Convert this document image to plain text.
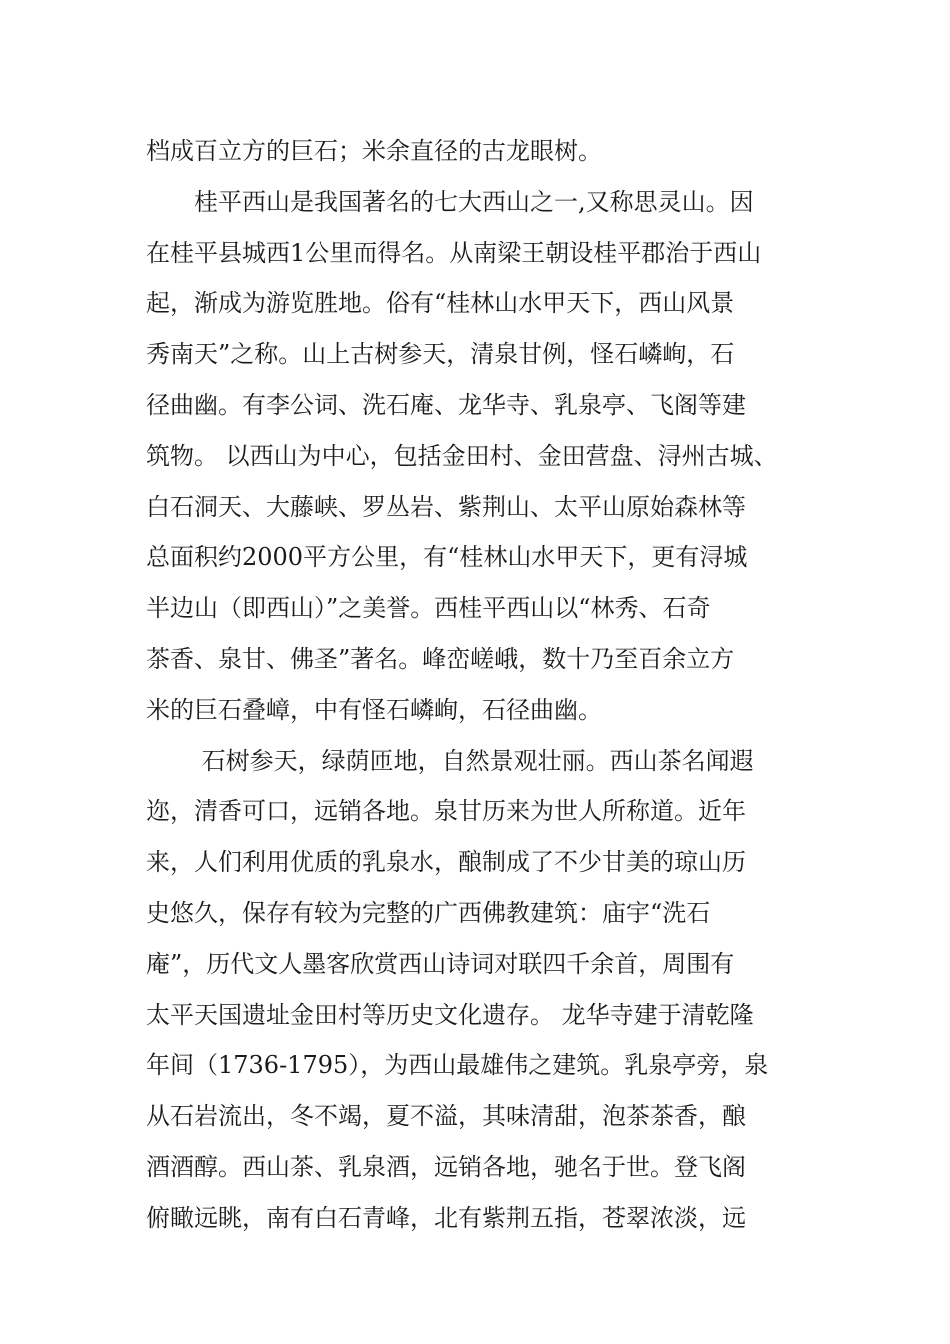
档成百立方的巨石；米余直径的古龙眼树。
　　桂平西山是我国著名的七大西山之一,又称思灵山。因
在桂平县城西1公里而得名。从南梁王朝设桂平郡治于西山
起，渐成为游览胜地。俗有“桂林山水甲天下，西山风景
秀南天”之称。山上古树参天，清泉甘例，怪石嶙峋，石
径曲幽。有李公词、洗石庵、龙华寺、乳泉亭、飞阁等建
筑物。 以西山为中心，包括金田村、金田营盘、浔州古城、
白石洞天、大藤峡、罗丛岩、紫荆山、太平山原始森林等
总面积约2000平方公里，有“桂林山水甲天下，更有浔城
半边山（即西山）”之美誉。西桂平西山以“林秀、石奇
茶香、泉甘、佛圣”著名。峰峦嵯峨，数十乃至百余立方
米的巨石叠嶂，中有怪石嶙峋，石径曲幽。
　　 石树参天，绿荫匝地，自然景观壮丽。西山茶名闻遐
迩，清香可口，远销各地。泉甘历来为世人所称道。近年
来，人们利用优质的乳泉水，酿制成了不少甘美的琼山历
史悠久，保存有较为完整的广西佛教建筑：庙宇“洗石
庵”，历代文人墨客欣赏西山诗词对联四千余首，周围有
太平天国遗址金田村等历史文化遗存。 龙华寺建于清乾隆
年间（1736-1795），为西山最雄伟之建筑。乳泉亭旁，泉
从石岩流出，冬不竭，夏不溢，其味清甜，泡茶茶香，酿
酒酒醇。西山茶、乳泉酒，远销各地，驰名于世。登飞阁
俯瞰远眺，南有白石青峰，北有紫荆五指，苍翠浓淡，远
